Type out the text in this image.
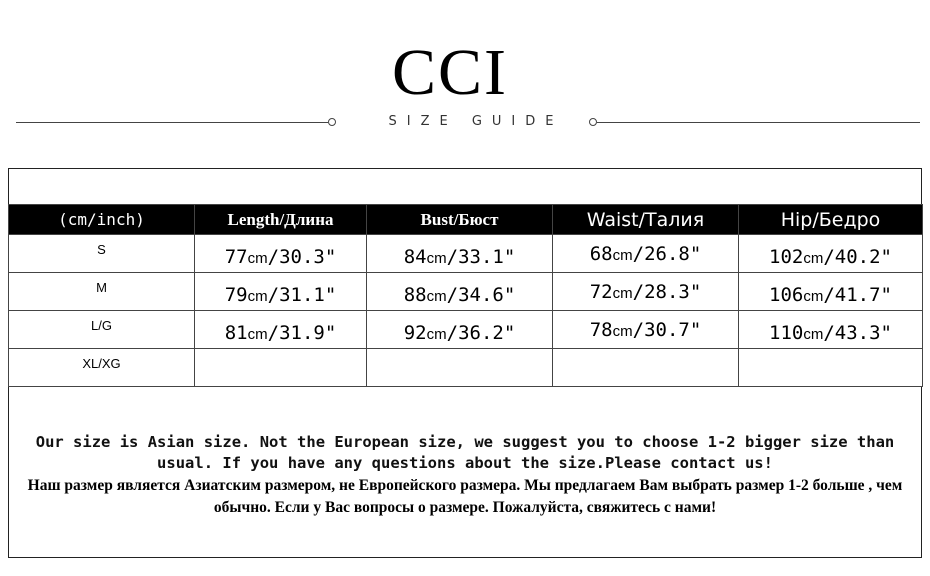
CCI
SIZE GUIDE
(cm/inch)	Length/Длина	Bust/Бюст	Waist/Талия	Hip/Бедро
S	77cm/30.3"	84cm/33.1"	68cm/26.8"	102cm/40.2"
M	79cm/31.1"	88cm/34.6"	72cm/28.3"	106cm/41.7"
L/G	81cm/31.9"	92cm/36.2"	78cm/30.7"	110cm/43.3"
XL/XG				
Our size is Asian size. Not the European size, we suggest you to choose 1-2 bigger size than usual. If you have any questions about the size.Please contact us!
Наш размер является Азиатским размером, не Европейского размера. Мы предлагаем Вам выбрать размер 1-2 больше , чем обычно. Если у Вас вопросы о размере. Пожалуйста, свяжитесь с нами!
